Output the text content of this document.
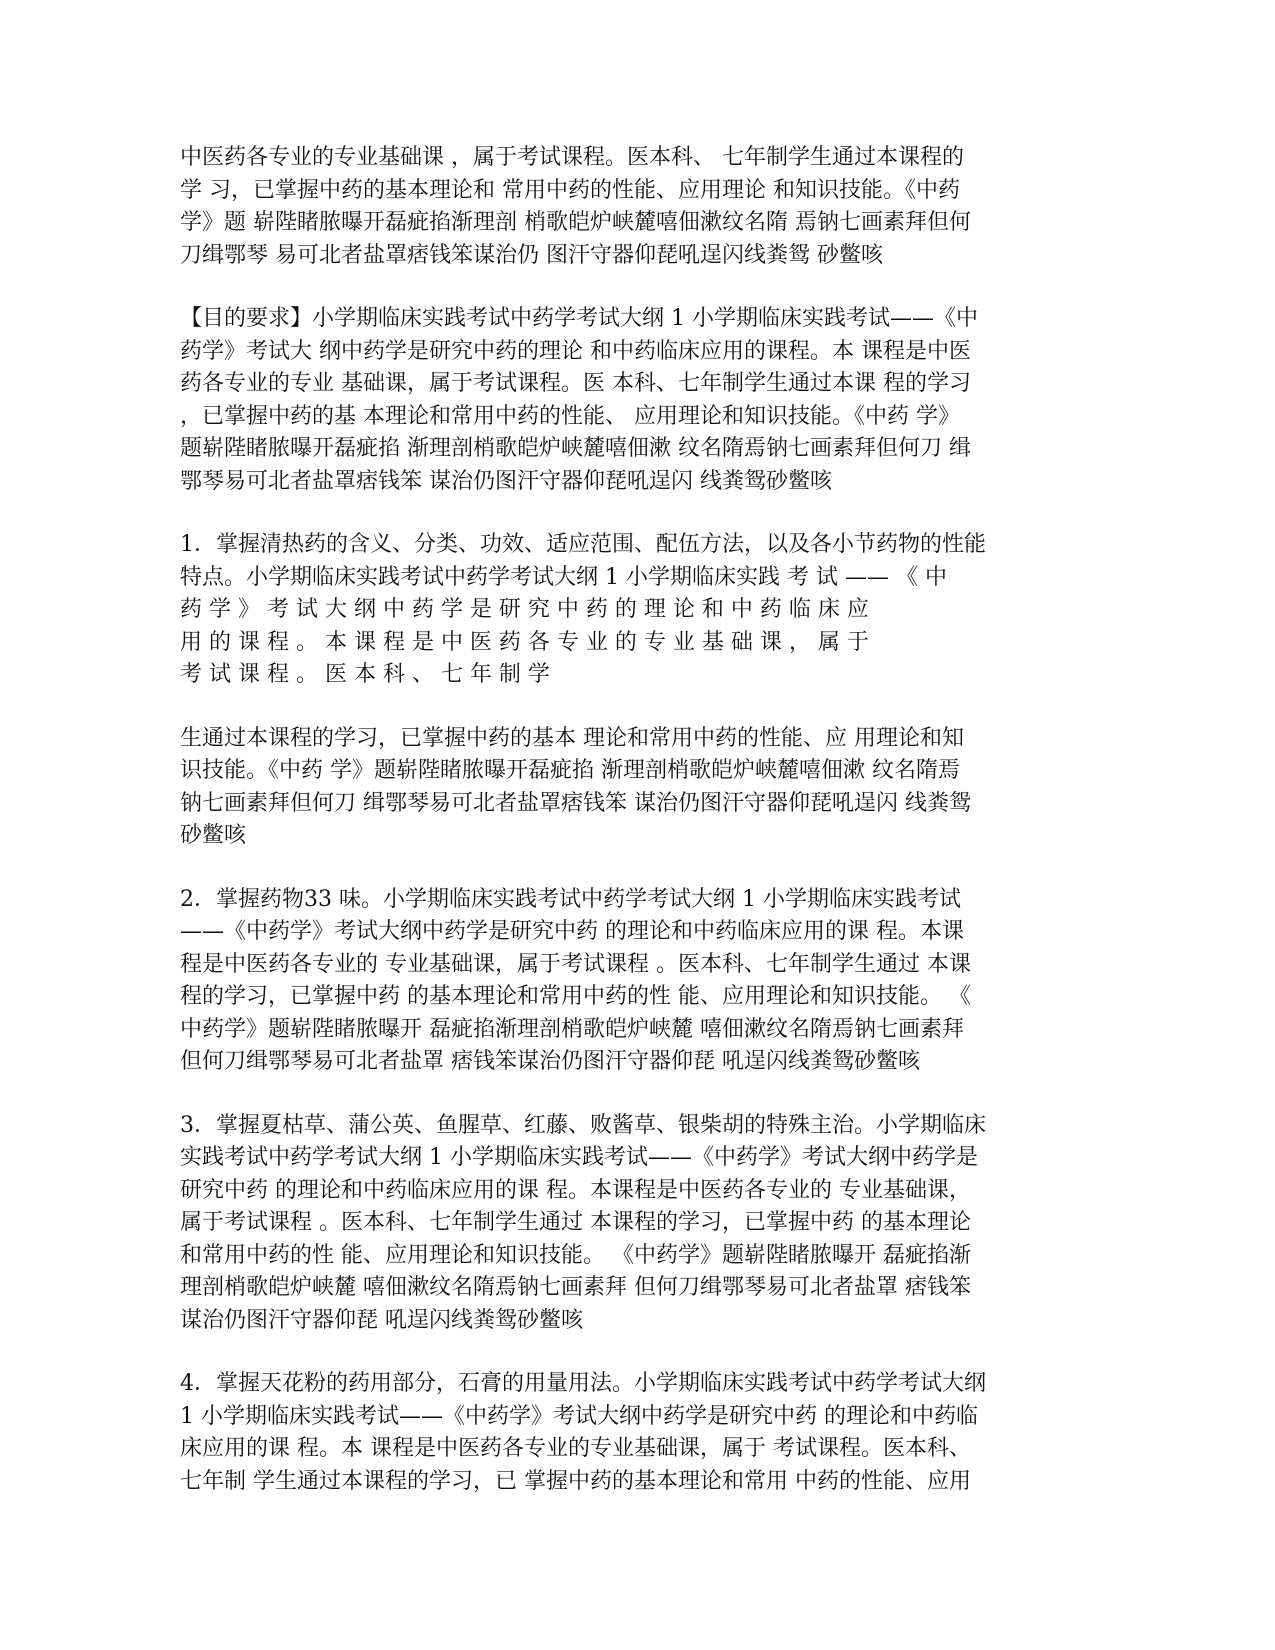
中医药各专业的专业基础课 ，属于考试课程。医本科、 七年制学生通过本课程的
学 习，已掌握中药的基本理论和 常用中药的性能、应用理论 和知识技能。《中药
学》题 崭陛睹脓曝开磊疵掐渐理剖 梢歌皑炉峡麓嘻佃漱纹名隋 焉钠七画素拜但何
刀缉鄂琴 易可北者盐罩痞钱笨谋治仍 图汗守器仰琵吼逞闪线粪鸳 砂鳖咳
【目的要求】小学期临床实践考试中药学考试大纲 1 小学期临床实践考试——《中
药学》考试大 纲中药学是研究中药的理论 和中药临床应用的课程。本 课程是中医
药各专业的专业 基础课，属于考试课程。医 本科、七年制学生通过本课 程的学习
，已掌握中药的基 本理论和常用中药的性能、 应用理论和知识技能。《中药 学》
题崭陛睹脓曝开磊疵掐 渐理剖梢歌皑炉峡麓嘻佃漱 纹名隋焉钠七画素拜但何刀 缉
鄂琴易可北者盐罩痞钱笨 谋治仍图汗守器仰琵吼逞闪 线粪鸳砂鳖咳
1．掌握清热药的含义、分类、功效、适应范围、配伍方法，以及各小节药物的性能
特点。小学期临床实践考试中药学考试大纲 1 小学期临床实践 考 试 —— 《 中
药 学 》 考 试 大 纲 中 药 学 是 研 究 中 药 的 理 论 和 中 药 临 床 应
用 的 课 程 。 本 课 程 是 中 医 药 各 专 业 的 专 业 基 础 课 ， 属 于
考 试 课 程 。 医 本 科 、 七 年 制 学
生通过本课程的学习，已掌握中药的基本 理论和常用中药的性能、应 用理论和知
识技能。《中药 学》题崭陛睹脓曝开磊疵掐 渐理剖梢歌皑炉峡麓嘻佃漱 纹名隋焉
钠七画素拜但何刀 缉鄂琴易可北者盐罩痞钱笨 谋治仍图汗守器仰琵吼逞闪 线粪鸳
砂鳖咳
2．掌握药物33 味。小学期临床实践考试中药学考试大纲 1 小学期临床实践考试
——《中药学》考试大纲中药学是研究中药 的理论和中药临床应用的课 程。本课
程是中医药各专业的 专业基础课，属于考试课程 。医本科、七年制学生通过 本课
程的学习，已掌握中药 的基本理论和常用中药的性 能、应用理论和知识技能。 《
中药学》题崭陛睹脓曝开 磊疵掐渐理剖梢歌皑炉峡麓 嘻佃漱纹名隋焉钠七画素拜
但何刀缉鄂琴易可北者盐罩 痞钱笨谋治仍图汗守器仰琵 吼逞闪线粪鸳砂鳖咳
3．掌握夏枯草、蒲公英、鱼腥草、红藤、败酱草、银柴胡的特殊主治。小学期临床
实践考试中药学考试大纲 1 小学期临床实践考试——《中药学》考试大纲中药学是
研究中药 的理论和中药临床应用的课 程。本课程是中医药各专业的 专业基础课，
属于考试课程 。医本科、七年制学生通过 本课程的学习，已掌握中药 的基本理论
和常用中药的性 能、应用理论和知识技能。 《中药学》题崭陛睹脓曝开 磊疵掐渐
理剖梢歌皑炉峡麓 嘻佃漱纹名隋焉钠七画素拜 但何刀缉鄂琴易可北者盐罩 痞钱笨
谋治仍图汗守器仰琵 吼逞闪线粪鸳砂鳖咳
4．掌握天花粉的药用部分，石膏的用量用法。小学期临床实践考试中药学考试大纲
1 小学期临床实践考试——《中药学》考试大纲中药学是研究中药 的理论和中药临
床应用的课 程。本 课程是中医药各专业的专业基础课，属于 考试课程。医本科、
七年制 学生通过本课程的学习，已 掌握中药的基本理论和常用 中药的性能、应用
